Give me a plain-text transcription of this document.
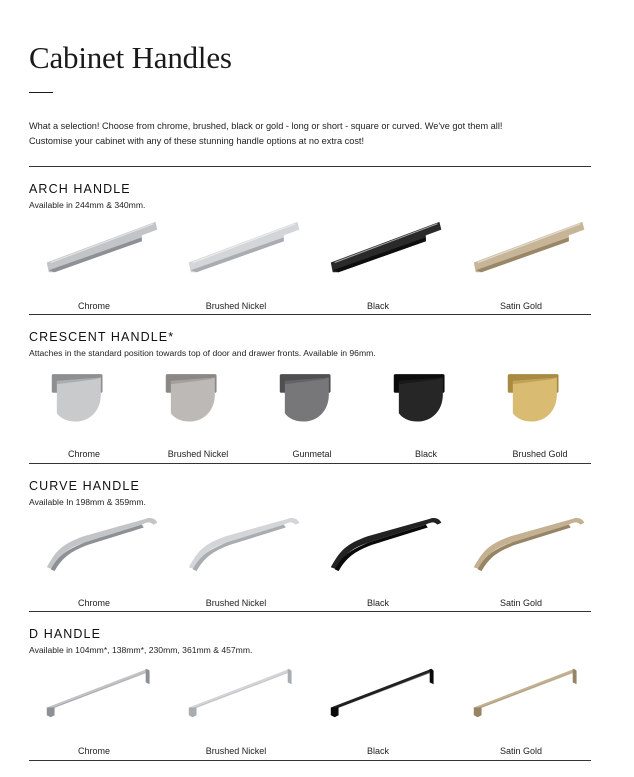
Cabinet Handles
What a selection! Choose from chrome, brushed, black or gold - long or short - square or curved. We've got them all!
Customise your cabinet with any of these stunning handle options at no extra cost!
ARCH HANDLE
Available in 244mm & 340mm.
Chrome	Brushed Nickel	Black	Satin Gold
CRESCENT HANDLE*
Attaches in the standard position towards top of door and drawer fronts. Available in 96mm.
Chrome	Brushed Nickel	Gunmetal	Black	Brushed Gold
CURVE HANDLE
Available In 198mm & 359mm.
Chrome	Brushed Nickel	Black	Satin Gold
D HANDLE
Available in 104mm*, 138mm*, 230mm, 361mm & 457mm.
Chrome	Brushed Nickel	Black	Satin Gold
